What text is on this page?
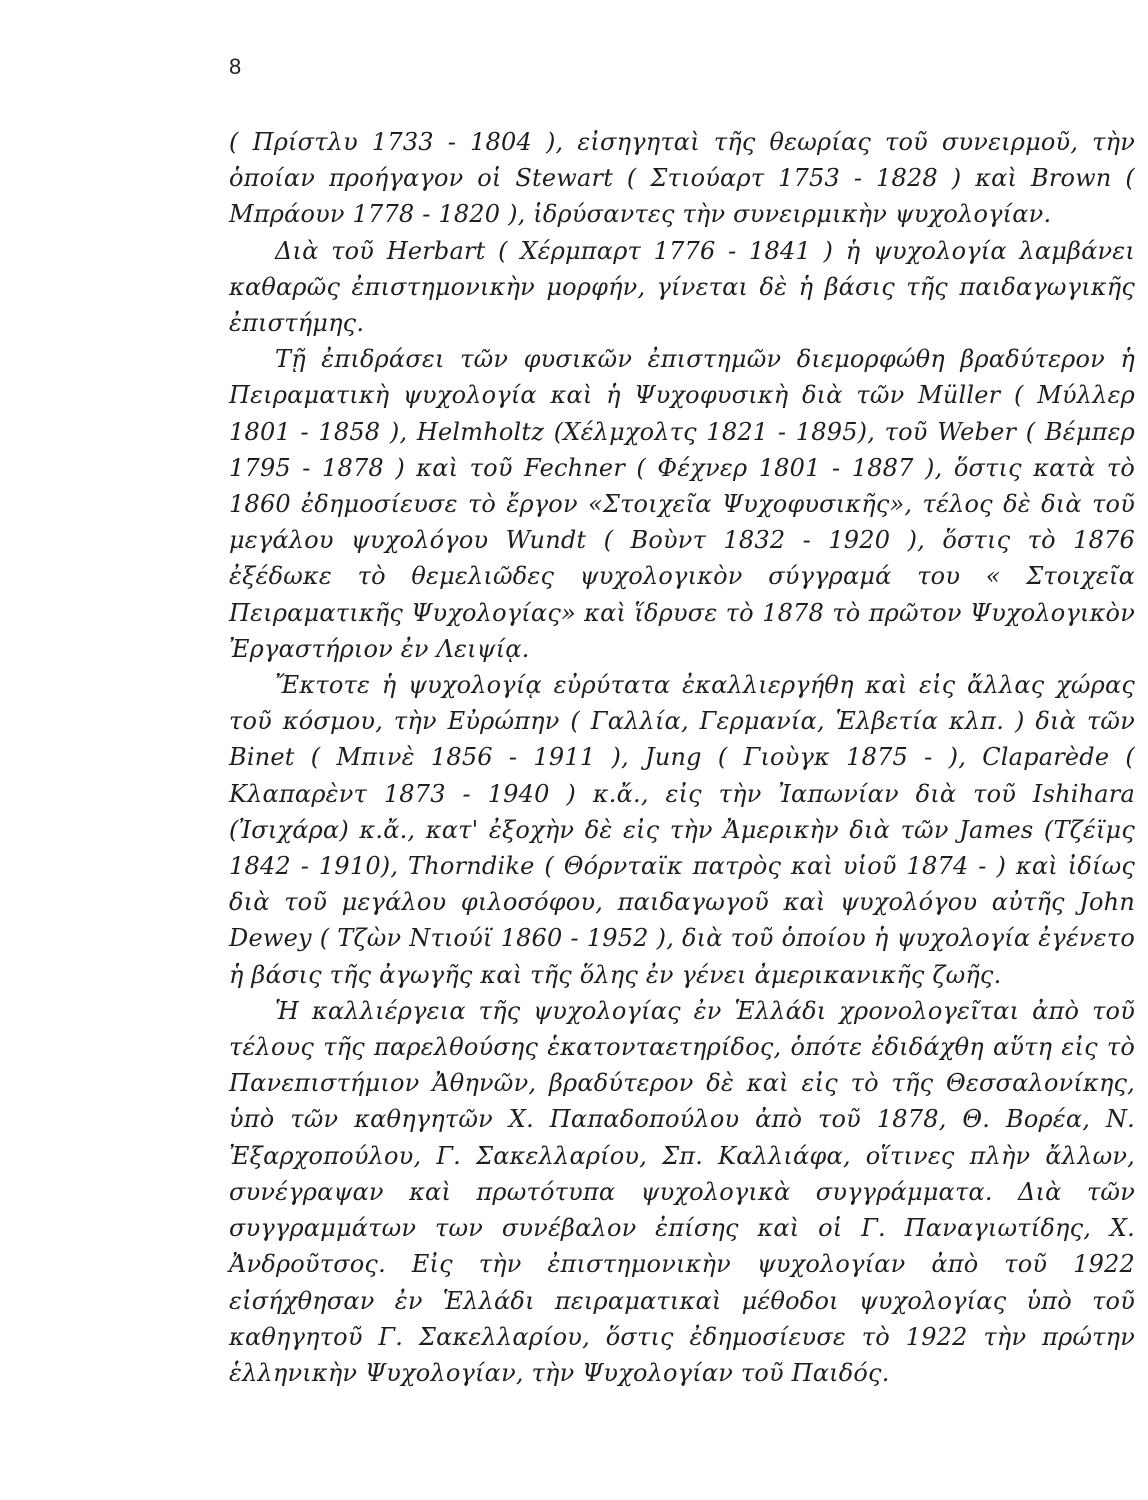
8

( Πρίστλυ 1733 - 1804 ), εἰσηγηταὶ τῆς θεωρίας τοῦ συνειρμοῦ, τὴν ὁποίαν προήγαγον οἱ Stewart ( Στιούαρτ 1753 - 1828 ) καὶ Brown ( Μπράουν 1778 - 1820 ), ἱδρύσαντες τὴν συνειρμικὴν ψυχολογίαν.

Διὰ τοῦ Herbart ( Χέρμπαρτ 1776 - 1841 ) ἡ ψυχολογία λαμβάνει καθαρῶς ἐπιστημονικὴν μορφήν, γίνεται δὲ ἡ βάσις τῆς παιδαγωγικῆς ἐπιστήμης.

Τῇ ἐπιδράσει τῶν φυσικῶν ἐπιστημῶν διεμορφώθη βραδύτερον ἡ Πειραματικὴ ψυχολογία καὶ ἡ Ψυχοφυσικὴ διὰ τῶν Müller ( Μύλλερ 1801 - 1858 ), Helmholtz (Χέλμχολτς 1821 - 1895), τοῦ Weber ( Βέμπερ 1795 - 1878 ) καὶ τοῦ Fechner ( Φέχνερ 1801 - 1887 ), ὅστις κατὰ τὸ 1860 ἐδημοσίευσε τὸ ἔργον «Στοιχεῖα Ψυχοφυσικῆς», τέλος δὲ διὰ τοῦ μεγάλου ψυχολόγου Wundt ( Βοὺντ 1832 - 1920 ), ὅστις τὸ 1876 ἐξέδωκε τὸ θεμελιῶδες ψυχολογικὸν σύγγραμά του « Στοιχεῖα Πειραματικῆς Ψυχολογίας» καὶ ἵδρυσε τὸ 1878 τὸ πρῶτον Ψυχολογικὸν Ἐργαστήριον ἐν Λειψίᾳ.

Ἔκτοτε ἡ ψυχολογίᾳ εὐρύτατα ἐκαλλιεργήθη καὶ εἰς ἄλλας χώρας τοῦ κόσμου, τὴν Εὐρώπην ( Γαλλία, Γερμανία, Ἑλβετία κλπ. ) διὰ τῶν Binet ( Μπινὲ 1856 - 1911 ), Jung ( Γιοὺγκ 1875 - ), Claparède ( Κλαπαρὲντ 1873 - 1940 ) κ.ἄ., εἰς τὴν Ἰαπωνίαν διὰ τοῦ Ishihara (Ἰσιχάρα) κ.ἄ., κατ' ἐξοχὴν δὲ εἰς τὴν Ἀμερικὴν διὰ τῶν James (Τζέϊμς 1842 - 1910), Thorndike ( Θόρνταϊκ πατρὸς καὶ υἱοῦ 1874 - ) καὶ ἰδίως διὰ τοῦ μεγάλου φιλοσόφου, παιδαγωγοῦ καὶ ψυχολόγου αὐτῆς John Dewey ( Τζὼν Ντιούϊ 1860 - 1952 ), διὰ τοῦ ὁποίου ἡ ψυχολογία ἐγένετο ἡ βάσις τῆς ἀγωγῆς καὶ τῆς ὅλης ἐν γένει ἀμερικανικῆς ζωῆς.

Ἡ καλλιέργεια τῆς ψυχολογίας ἐν Ἑλλάδι χρονολογεῖται ἀπὸ τοῦ τέλους τῆς παρελθούσης ἑκατονταετηρίδος, ὁπότε ἐδιδάχθη αὕτη εἰς τὸ Πανεπιστήμιον Ἀθηνῶν, βραδύτερον δὲ καὶ εἰς τὸ τῆς Θεσσαλονίκης, ὑπὸ τῶν καθηγητῶν Χ. Παπαδοπούλου ἀπὸ τοῦ 1878, Θ. Βορέα, Ν. Ἐξαρχοπούλου, Γ. Σακελλαρίου, Σπ. Καλλιάφα, οἵτινες πλὴν ἄλλων, συνέγραψαν καὶ πρωτότυπα ψυχολογικὰ συγγράμματα. Διὰ τῶν συγγραμμάτων των συνέβαλον ἐπίσης καὶ οἱ Γ. Παναγιωτίδης, Χ. Ἀνδροῦτσος. Εἰς τὴν ἐπιστημονικὴν ψυχολογίαν ἀπὸ τοῦ 1922 εἰσήχθησαν ἐν Ἑλλάδι πειραματικαὶ μέθοδοι ψυχολογίας ὑπὸ τοῦ καθηγητοῦ Γ. Σακελλαρίου, ὅστις ἐδημοσίευσε τὸ 1922 τὴν πρώτην ἑλληνικὴν Ψυχολογίαν, τὴν Ψυχολογίαν τοῦ Παιδός.
